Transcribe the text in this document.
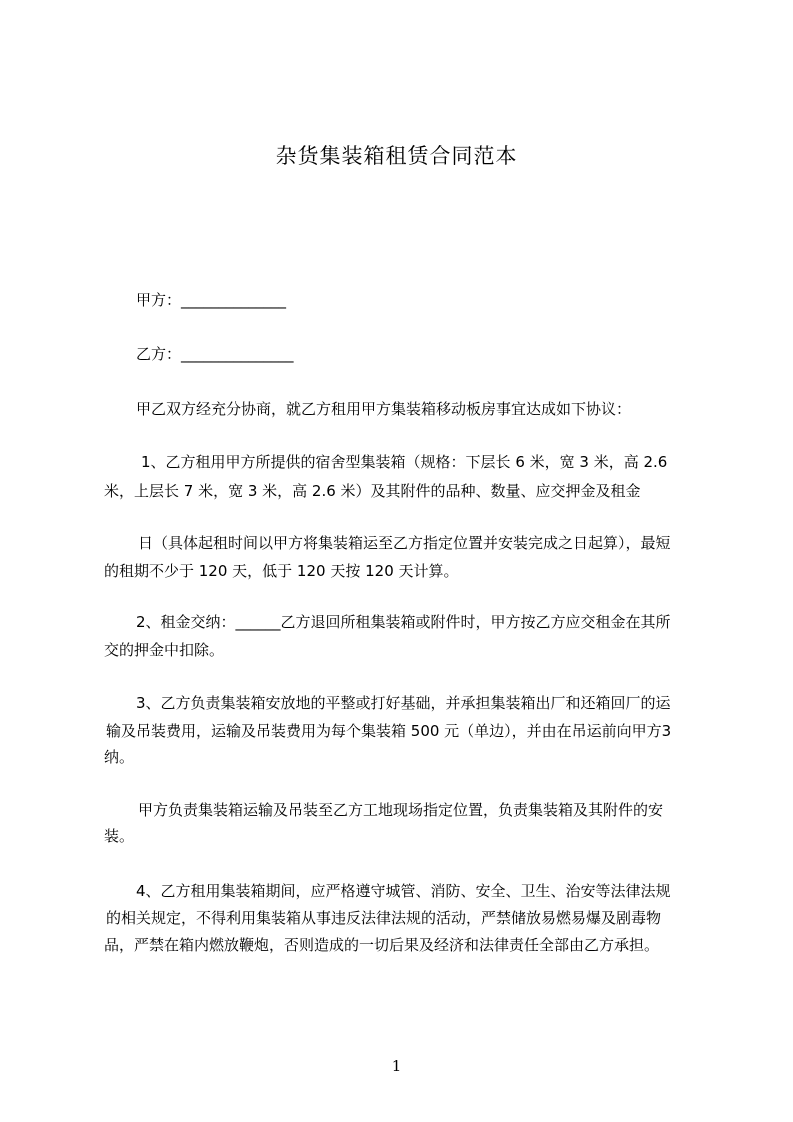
杂货集装箱租赁合同范本
甲方：______________
乙方：_______________
甲乙双方经充分协商，就乙方租用甲方集装箱移动板房事宜达成如下协议：
1、乙方租用甲方所提供的宿舍型集装箱（规格：下层长 6 米，宽 3 米，高 2.6
米，上层长 7 米，宽 3 米，高 2.6 米）及其附件的品种、数量、应交押金及租金
日（具体起租时间以甲方将集装箱运至乙方指定位置并安装完成之日起算），最短
的租期不少于 120 天，低于 120 天按 120 天计算。
2、租金交纳：______乙方退回所租集装箱或附件时，甲方按乙方应交租金在其所
交的押金中扣除。
3、乙方负责集装箱安放地的平整或打好基础，并承担集装箱出厂和还箱回厂的运
输及吊装费用，运输及吊装费用为每个集装箱 500 元（单边），并由在吊运前向甲方3
纳。
甲方负责集装箱运输及吊装至乙方工地现场指定位置，负责集装箱及其附件的安
装。
4、乙方租用集装箱期间，应严格遵守城管、消防、安全、卫生、治安等法律法规
的相关规定，不得利用集装箱从事违反法律法规的活动，严禁储放易燃易爆及剧毒物
品，严禁在箱内燃放鞭炮，否则造成的一切后果及经济和法律责任全部由乙方承担。
1
